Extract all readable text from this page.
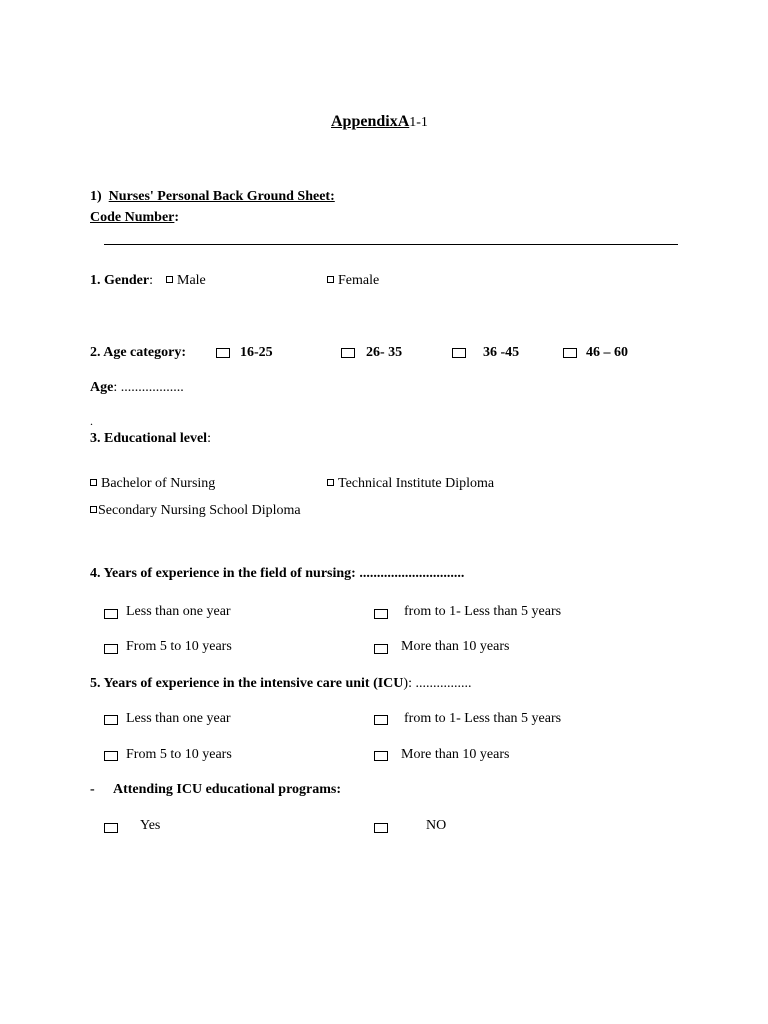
AppendixA1-1
1) Nurses' Personal Back Ground Sheet:
Code Number:
1. Gender:	Male	Female
2. Age category:	16-25	26- 35	36 -45	46 – 60
Age: ..................
.
3. Educational level:
Bachelor of Nursing	Technical Institute Diploma
Secondary Nursing School Diploma
4. Years of experience in the field of nursing: ..............................
Less than one year	from to 1- Less than 5 years
From 5 to 10 years	More than 10 years
5. Years of experience in the intensive care unit (ICU): ................
Less than one year	from to 1- Less than 5 years
From 5 to 10 years	More than 10 years
- Attending ICU educational programs:
Yes	NO
